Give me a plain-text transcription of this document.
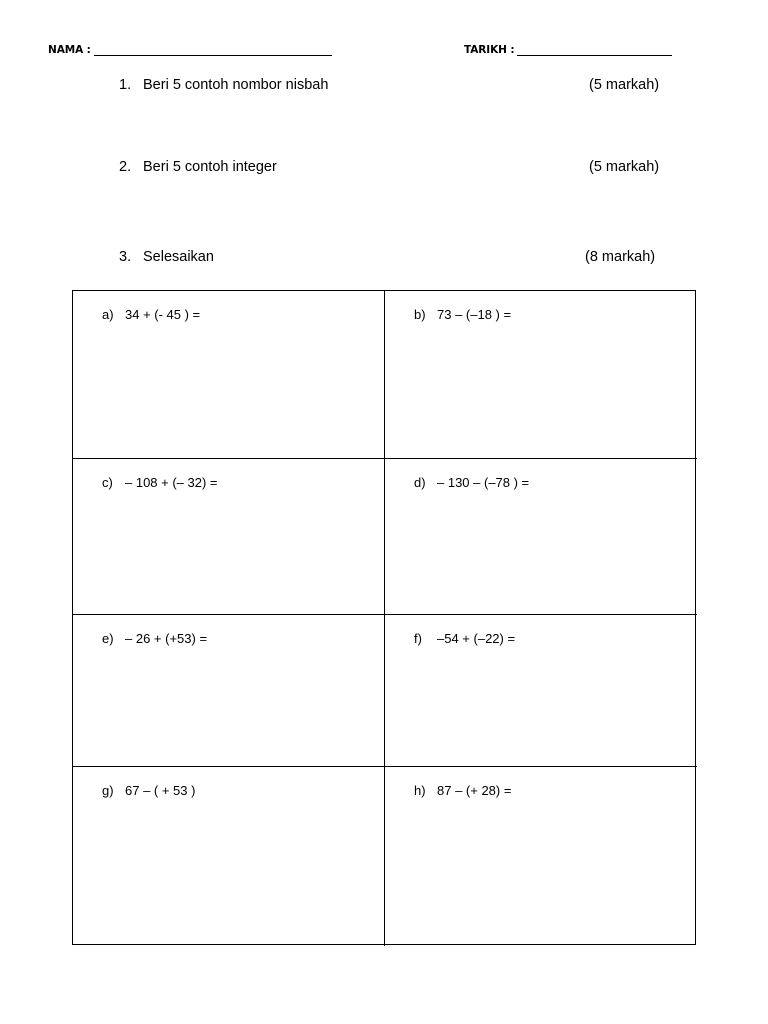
NAMA :	TARIKH :
1. Beri 5 contoh nombor nisbah	(5 markah)
2. Beri 5 contoh integer	(5 markah)
3. Selesaikan	(8 markah)
a) 34 + (- 45 ) =	b) 73 – (–18 ) =
c) – 108 + (– 32) =	d) – 130 – (–78 ) =
e) – 26 + (+53) =	f) –54 + (–22) =
g) 67 – ( + 53 )	h) 87 – (+ 28) =
